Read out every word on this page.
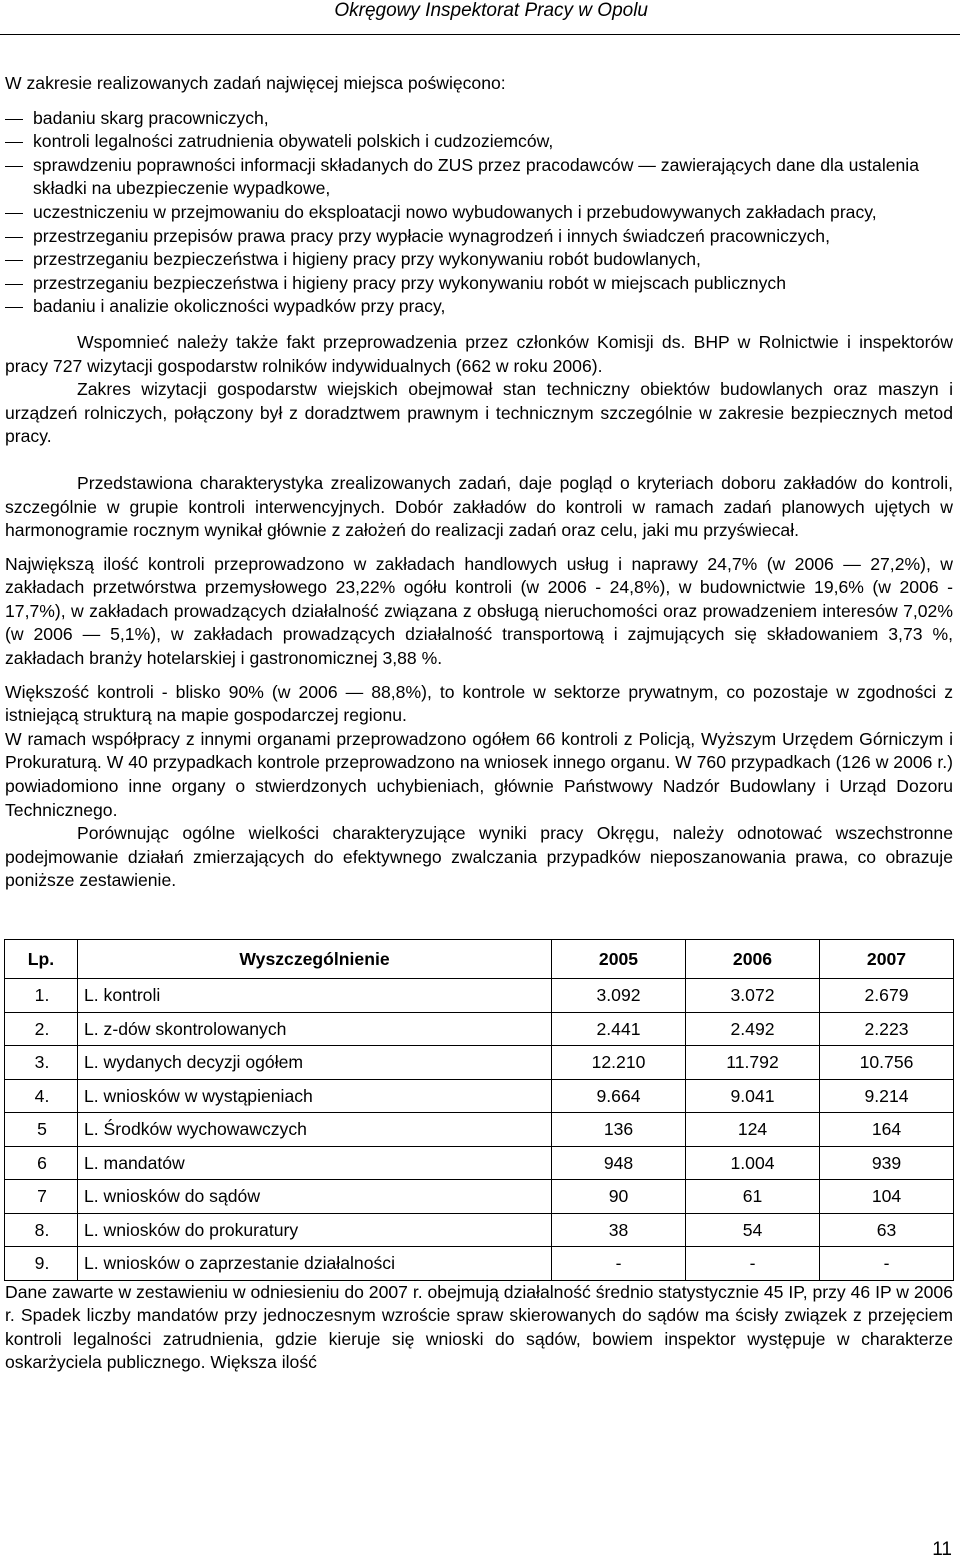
Okręgowy Inspektorat Pracy w Opolu

W zakresie realizowanych zadań najwięcej miejsca poświęcono:

badaniu skarg pracowniczych,
kontroli legalności zatrudnienia obywateli polskich i cudzoziemców,
sprawdzeniu poprawności informacji składanych do ZUS przez pracodawców — zawierających dane dla ustalenia składki na ubezpieczenie wypadkowe,
uczestniczeniu w przejmowaniu do eksploatacji nowo wybudowanych i przebudowywanych zakładach pracy,
przestrzeganiu przepisów prawa pracy przy wypłacie wynagrodzeń i innych świadczeń pracowniczych,
przestrzeganiu bezpieczeństwa i higieny pracy przy wykonywaniu robót budowlanych,
przestrzeganiu bezpieczeństwa i higieny pracy przy wykonywaniu robót w miejscach publicznych
badaniu i analizie okoliczności wypadków przy pracy,

Wspomnieć należy także fakt przeprowadzenia przez członków Komisji ds. BHP w Rolnictwie i inspektorów pracy 727 wizytacji gospodarstw rolników indywidualnych (662 w roku 2006).

Zakres wizytacji gospodarstw wiejskich obejmował stan techniczny obiektów budowlanych oraz maszyn i urządzeń rolniczych, połączony był z doradztwem prawnym i technicznym szczególnie w zakresie bezpiecznych metod pracy.

Przedstawiona charakterystyka zrealizowanych zadań, daje pogląd o kryteriach doboru zakładów do kontroli, szczególnie w grupie kontroli interwencyjnych. Dobór zakładów do kontroli w ramach zadań planowych ujętych w harmonogramie rocznym wynikał głównie z założeń do realizacji zadań oraz celu, jaki mu przyświecał.

Największą ilość kontroli przeprowadzono w zakładach handlowych usług i naprawy 24,7% (w 2006 — 27,2%), w zakładach przetwórstwa przemysłowego 23,22% ogółu kontroli (w 2006 - 24,8%), w budownictwie 19,6% (w 2006 - 17,7%), w zakładach prowadzących działalność związana z obsługą nieruchomości oraz prowadzeniem interesów 7,02% (w 2006 — 5,1%), w zakładach prowadzących działalność transportową i zajmujących się składowaniem 3,73 %, zakładach branży hotelarskiej i gastronomicznej 3,88 %.

Większość kontroli - blisko 90% (w 2006 — 88,8%), to kontrole w sektorze prywatnym, co pozostaje w zgodności z istniejącą strukturą na mapie gospodarczej regionu.

W ramach współpracy z innymi organami przeprowadzono ogółem 66 kontroli z Policją, Wyższym Urzędem Górniczym i Prokuraturą. W 40 przypadkach kontrole przeprowadzono na wniosek innego organu. W 760 przypadkach (126 w 2006 r.) powiadomiono inne organy o stwierdzonych uchybieniach, głównie Państwowy Nadzór Budowlany i Urząd Dozoru Technicznego.

Porównując ogólne wielkości charakteryzujące wyniki pracy Okręgu, należy odnotować wszechstronne podejmowanie działań zmierzających do efektywnego zwalczania przypadków nieposzanowania prawa, co obrazuje poniższe zestawienie.

Lp.	Wyszczególnienie	2005	2006	2007
1.	L. kontroli	3.092	3.072	2.679
2.	L. z-dów skontrolowanych	2.441	2.492	2.223
3.	L. wydanych decyzji ogółem	12.210	11.792	10.756
4.	L. wniosków w wystąpieniach	9.664	9.041	9.214
5	L. Środków wychowawczych	136	124	164
6	L. mandatów	948	1.004	939
7	L. wniosków do sądów	90	61	104
8.	L. wniosków do prokuratury	38	54	63
9.	L. wniosków o zaprzestanie działalności	-	-	-

Dane zawarte w zestawieniu w odniesieniu do 2007 r. obejmują działalność średnio statystycznie 45 IP, przy 46 IP w 2006 r. Spadek liczby mandatów przy jednoczesnym wzroście spraw skierowanych do sądów ma ścisły związek z przejęciem kontroli legalności zatrudnienia, gdzie kieruje się wnioski do sądów, bowiem inspektor występuje w charakterze oskarżyciela publicznego. Większa ilość

11
